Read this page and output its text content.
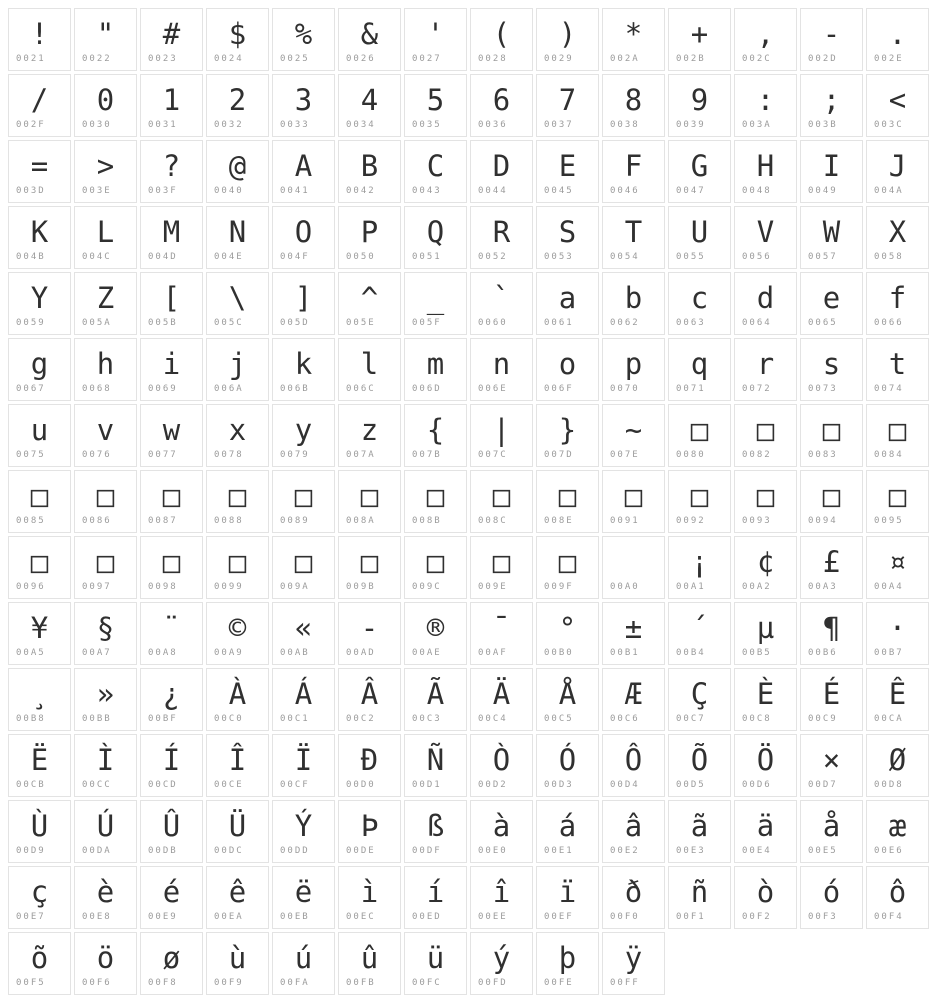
!
0021
"
0022
#
0023
$
0024
%
0025
&
0026
'
0027
(
0028
)
0029
*
002A
+
002B
,
002C
-
002D
.
002E
/
002F
0
0030
1
0031
2
0032
3
0033
4
0034
5
0035
6
0036
7
0037
8
0038
9
0039
:
003A
;
003B
<
003C
=
003D
>
003E
?
003F
@
0040
A
0041
B
0042
C
0043
D
0044
E
0045
F
0046
G
0047
H
0048
I
0049
J
004A
K
004B
L
004C
M
004D
N
004E
O
004F
P
0050
Q
0051
R
0052
S
0053
T
0054
U
0055
V
0056
W
0057
X
0058
Y
0059
Z
005A
[
005B
\
005C
]
005D
^
005E
_
005F
`
0060
a
0061
b
0062
c
0063
d
0064
e
0065
f
0066
g
0067
h
0068
i
0069
j
006A
k
006B
l
006C
m
006D
n
006E
o
006F
p
0070
q
0071
r
0072
s
0073
t
0074
u
0075
v
0076
w
0077
x
0078
y
0079
z
007A
{
007B
|
007C
}
007D
~
007E
□
0080
□
0082
□
0083
□
0084
□
0085
□
0086
□
0087
□
0088
□
0089
□
008A
□
008B
□
008C
□
008E
□
0091
□
0092
□
0093
□
0094
□
0095
□
0096
□
0097
□
0098
□
0099
□
009A
□
009B
□
009C
□
009E
□
009F	00A0
¡
00A1
¢
00A2
£
00A3
¤
00A4
¥
00A5
§
00A7
¨
00A8
©
00A9
«
00AB
-
00AD
®
00AE
¯
00AF
°
00B0
±
00B1
´
00B4
µ
00B5
¶
00B6
·
00B7
¸
00B8
»
00BB
¿
00BF
À
00C0
Á
00C1
Â
00C2
Ã
00C3
Ä
00C4
Å
00C5
Æ
00C6
Ç
00C7
È
00C8
É
00C9
Ê
00CA
Ë
00CB
Ì
00CC
Í
00CD
Î
00CE
Ï
00CF
Ð
00D0
Ñ
00D1
Ò
00D2
Ó
00D3
Ô
00D4
Õ
00D5
Ö
00D6
×
00D7
Ø
00D8
Ù
00D9
Ú
00DA
Û
00DB
Ü
00DC
Ý
00DD
Þ
00DE
ß
00DF
à
00E0
á
00E1
â
00E2
ã
00E3
ä
00E4
å
00E5
æ
00E6
ç
00E7
è
00E8
é
00E9
ê
00EA
ë
00EB
ì
00EC
í
00ED
î
00EE
ï
00EF
ð
00F0
ñ
00F1
ò
00F2
ó
00F3
ô
00F4
õ
00F5
ö
00F6
ø
00F8
ù
00F9
ú
00FA
û
00FB
ü
00FC
ý
00FD
þ
00FE
ÿ
00FF
